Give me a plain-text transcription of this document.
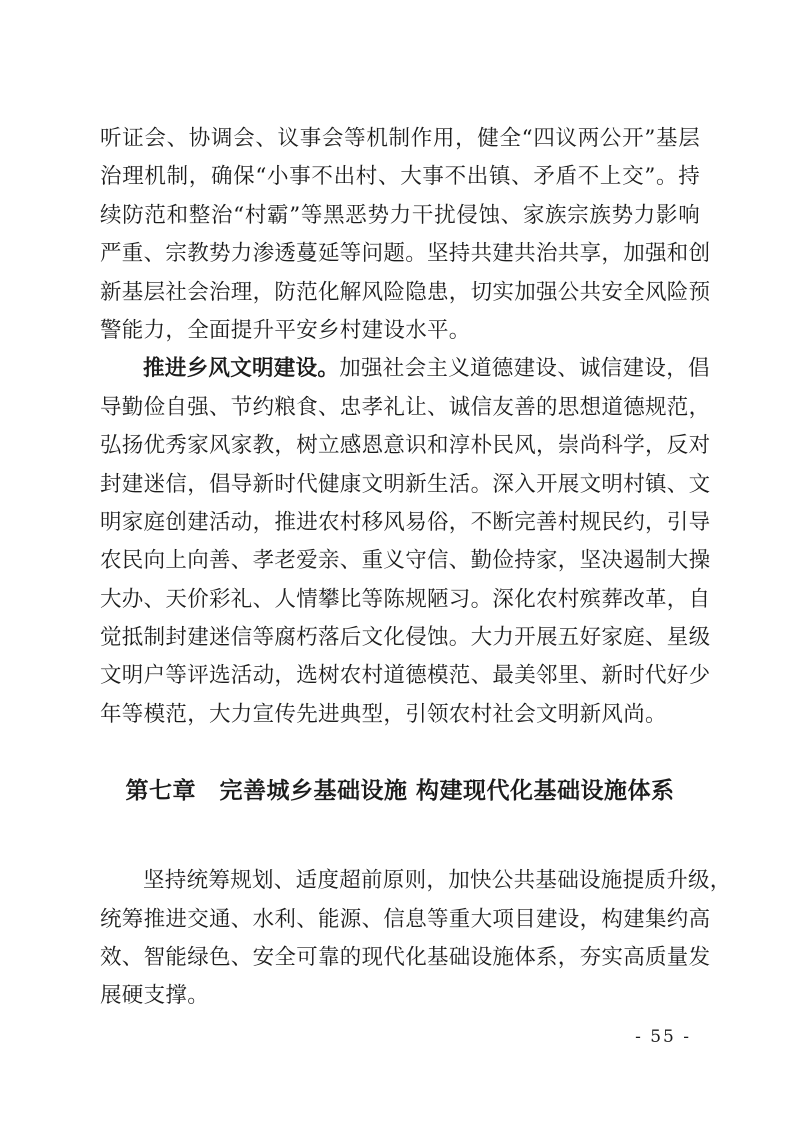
听证会、协调会、议事会等机制作用，健全“四议两公开”基层
治理机制，确保“小事不出村、大事不出镇、矛盾不上交”。持
续防范和整治“村霸”等黑恶势力干扰侵蚀、家族宗族势力影响
严重、宗教势力渗透蔓延等问题。坚持共建共治共享，加强和创
新基层社会治理，防范化解风险隐患，切实加强公共安全风险预
警能力，全面提升平安乡村建设水平。
推进乡风文明建设。加强社会主义道德建设、诚信建设，倡
导勤俭自强、节约粮食、忠孝礼让、诚信友善的思想道德规范，
弘扬优秀家风家教，树立感恩意识和淳朴民风，崇尚科学，反对
封建迷信，倡导新时代健康文明新生活。深入开展文明村镇、文
明家庭创建活动，推进农村移风易俗，不断完善村规民约，引导
农民向上向善、孝老爱亲、重义守信、勤俭持家，坚决遏制大操
大办、天价彩礼、人情攀比等陈规陋习。深化农村殡葬改革，自
觉抵制封建迷信等腐朽落后文化侵蚀。大力开展五好家庭、星级
文明户等评选活动，选树农村道德模范、最美邻里、新时代好少
年等模范，大力宣传先进典型，引领农村社会文明新风尚。
第七章　完善城乡基础设施 构建现代化基础设施体系
坚持统筹规划、适度超前原则，加快公共基础设施提质升级，
统筹推进交通、水利、能源、信息等重大项目建设，构建集约高
效、智能绿色、安全可靠的现代化基础设施体系，夯实高质量发
展硬支撑。
- 55 -
